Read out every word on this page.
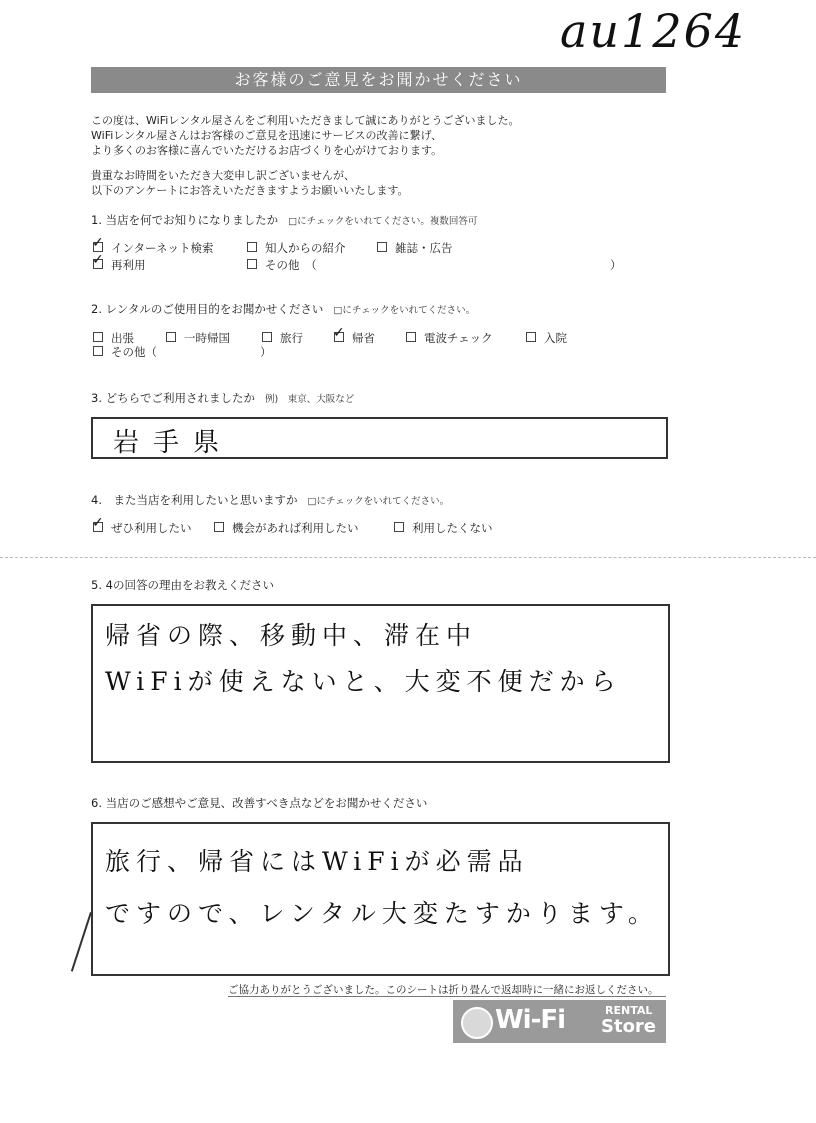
au1264
お客様のご意見をお聞かせください
この度は、WiFiレンタル屋さんをご利用いただきまして誠にありがとうございました。
WiFiレンタル屋さんはお客様のご意見を迅速にサービスの改善に繋げ、
より多くのお客様に喜んでいただけるお店づくりを心がけております。
貴重なお時間をいただき大変申し訳ございませんが、
以下のアンケートにお答えいただきますようお願いいたします。
1. 当店を何でお知りになりましたか □にチェックをいれてください。複数回答可
✓ インターネット検索	知人からの紹介	雑誌・広告
✓ 再利用	その他　（	）
2. レンタルのご使用目的をお聞かせください □にチェックをいれてください。
出張	一時帰国	旅行 ✓ 帰省	電波チェック	入院
その他（	）
3. どちらでご利用されましたか 例)　東京、大阪など
岩手県
4.　また当店を利用したいと思いますか □にチェックをいれてください。
✓ ぜひ利用したい	機会があれば利用したい	利用したくない
5. 4の回答の理由をお教えください
帰省の際、移動中、滞在中
WiFiが使えないと、大変不便だから
6. 当店のご感想やご意見、改善すべき点などをお聞かせください
旅行、帰省にはWiFiが必需品
ですので、レンタル大変たすかります。
ご協力ありがとうございました。このシートは折り畳んで返却時に一緒にお返しください。
Wi-Fi	RENTAL
Store
